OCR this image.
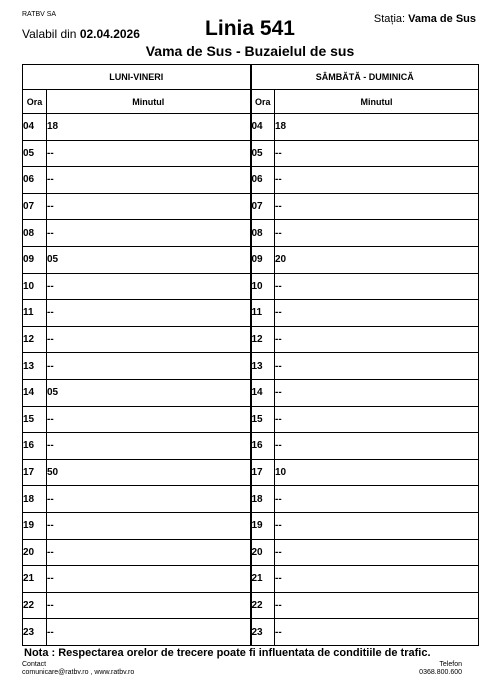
RATBV SA
Valabil din 02.04.2026	Linia 541	Stația: Vama de Sus
Vama de Sus - Buzaielul de sus
LUNI-VINERI		SÂMBĂTĂ - DUMINICĂ	
Ora	Minutul	Ora	Minutul
04	18	04	18
05	--	05	--
06	--	06	--
07	--	07	--
08	--	08	--
09	05	09	20
10	--	10	--
11	--	11	--
12	--	12	--
13	--	13	--
14	05	14	--
15	--	15	--
16	--	16	--
17	50	17	10
18	--	18	--
19	--	19	--
20	--	20	--
21	--	21	--
22	--	22	--
23	--	23	--
Nota : Respectarea orelor de trecere poate fi influentata de conditiile de trafic.
Contact
comunicare@ratbv.ro , www.ratbv.ro
Telefon
0368.800.600
